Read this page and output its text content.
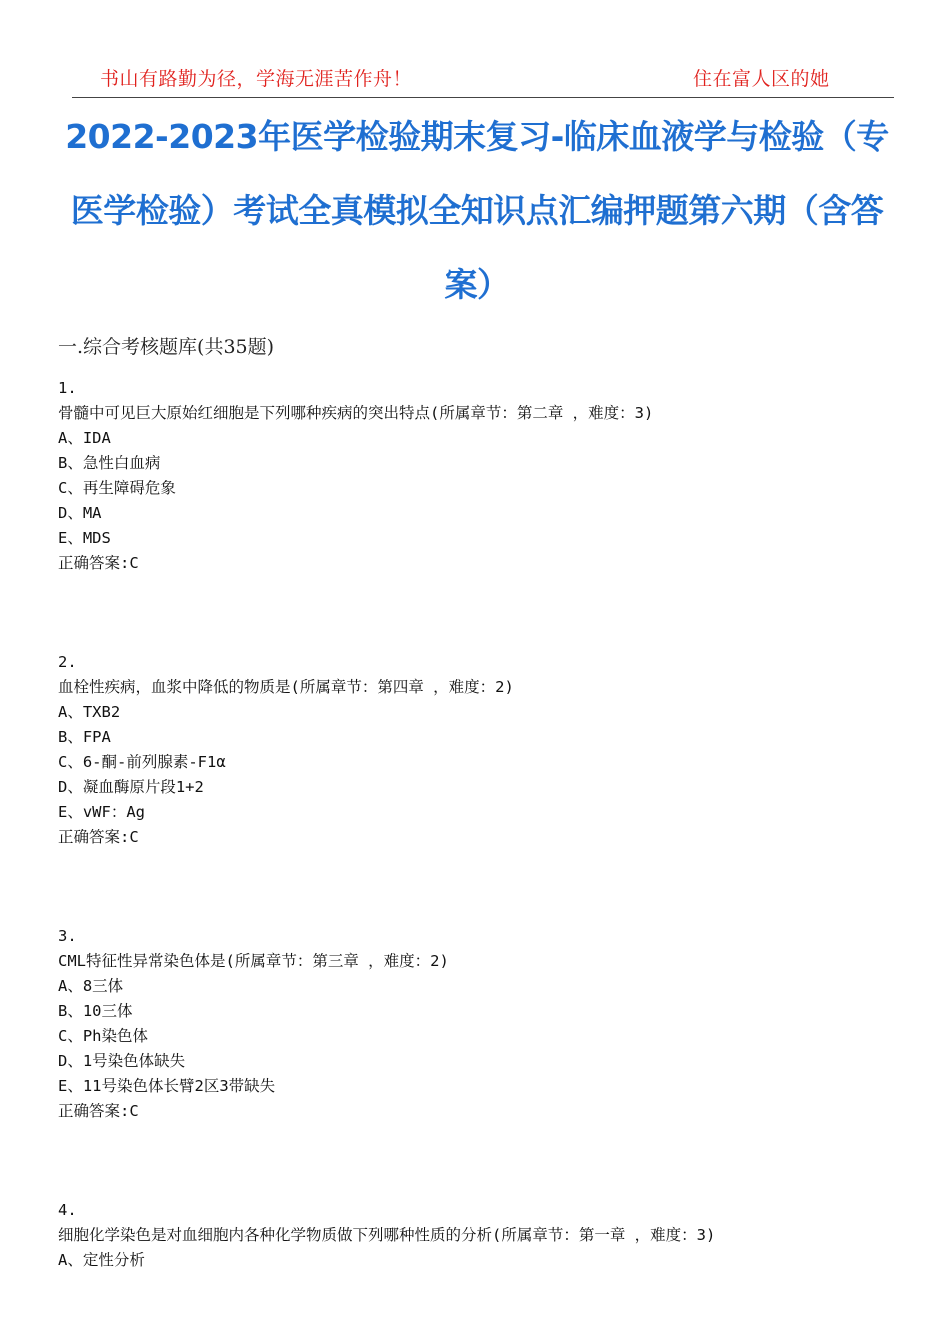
书山有路勤为径，学海无涯苦作舟！	住在富人区的她
2022-2023年医学检验期末复习-临床血液学与检验（专医学检验）考试全真模拟全知识点汇编押题第六期（含答案）

一.综合考核题库(共35题)

1.
骨髓中可见巨大原始红细胞是下列哪种疾病的突出特点(所属章节：第二章 ，难度：3)
A、IDA
B、急性白血病
C、再生障碍危象
D、MA
E、MDS
正确答案:C
2.
血栓性疾病，血浆中降低的物质是(所属章节：第四章 ，难度：2)
A、TXB2
B、FPA
C、6-酮-前列腺素-F1α
D、凝血酶原片段1+2
E、vWF：Ag
正确答案:C
3.
CML特征性异常染色体是(所属章节：第三章 ，难度：2)
A、8三体
B、10三体
C、Ph染色体
D、1号染色体缺失
E、11号染色体长臂2区3带缺失
正确答案:C
4.
细胞化学染色是对血细胞内各种化学物质做下列哪种性质的分析(所属章节：第一章 ，难度：3)
A、定性分析
